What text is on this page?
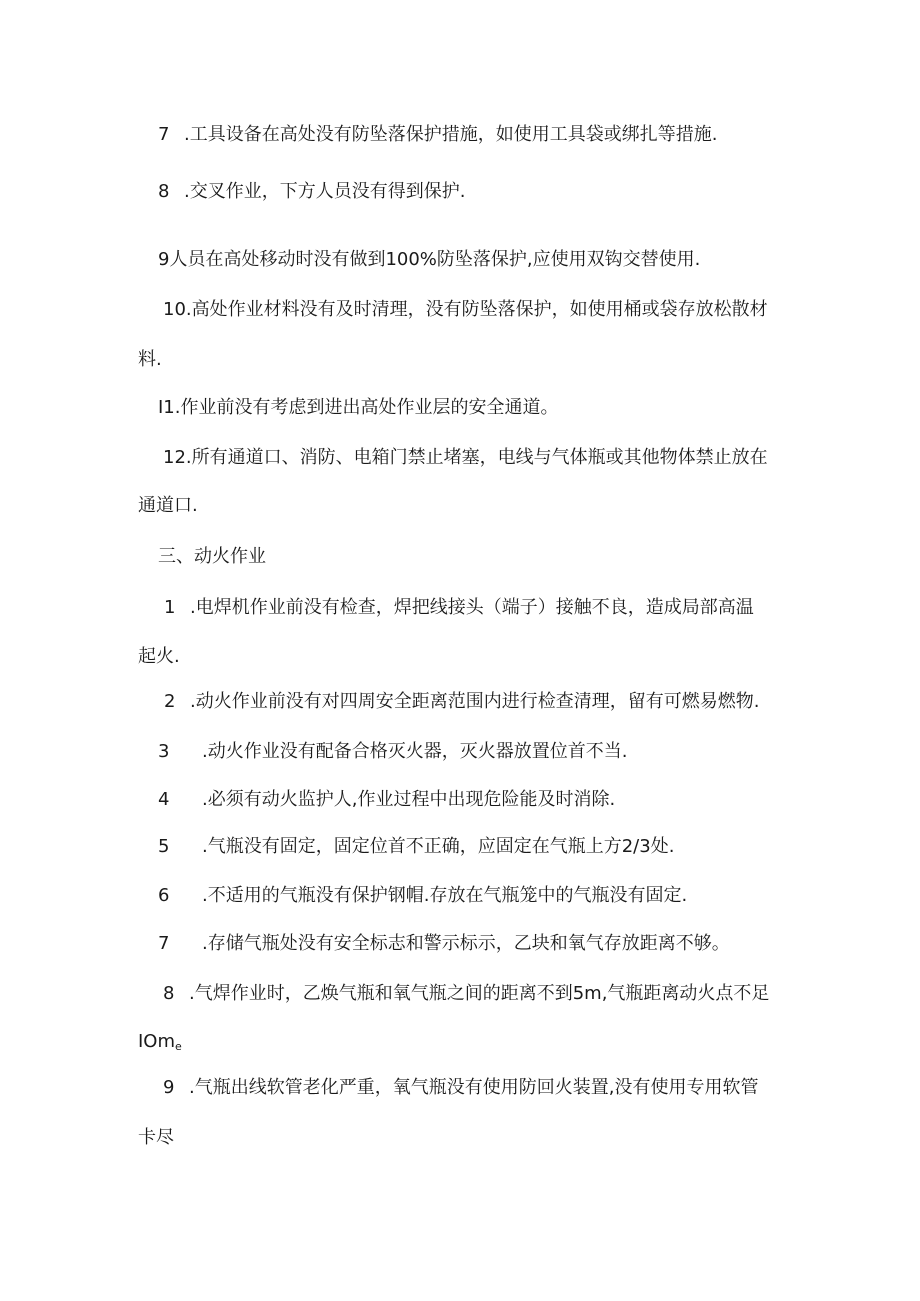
7 .工具设备在高处没有防坠落保护措施，如使用工具袋或绑扎等措施.
8 .交叉作业，下方人员没有得到保护.
9人员在高处移动时没有做到100%防坠落保护,应使用双钩交替使用.
10.高处作业材料没有及时清理，没有防坠落保护，如使用桶或袋存放松散材
料.
I1.作业前没有考虑到进出高处作业层的安全通道。
12.所有通道口、消防、电箱门禁止堵塞，电线与气体瓶或其他物体禁止放在
通道口.
三、动火作业
1 .电焊机作业前没有检查，焊把线接头（端子）接触不良，造成局部高温
起火.
2 .动火作业前没有对四周安全距离范围内进行检查清理，留有可燃易燃物.
3 .动火作业没有配备合格灭火器，灭火器放置位首不当.
4 .必须有动火监护人,作业过程中出现危险能及时消除.
5 .气瓶没有固定，固定位首不正确，应固定在气瓶上方2/3处.
6 .不适用的气瓶没有保护钢帽.存放在气瓶笼中的气瓶没有固定.
7 .存储气瓶处没有安全标志和警示标示，乙块和氧气存放距离不够。
8 .气焊作业时，乙焕气瓶和氧气瓶之间的距离不到5m,气瓶距离动火点不足
IOm$_e$
9 .气瓶出线软管老化严重，氧气瓶没有使用防回火装置,没有使用专用软管
卡尽
